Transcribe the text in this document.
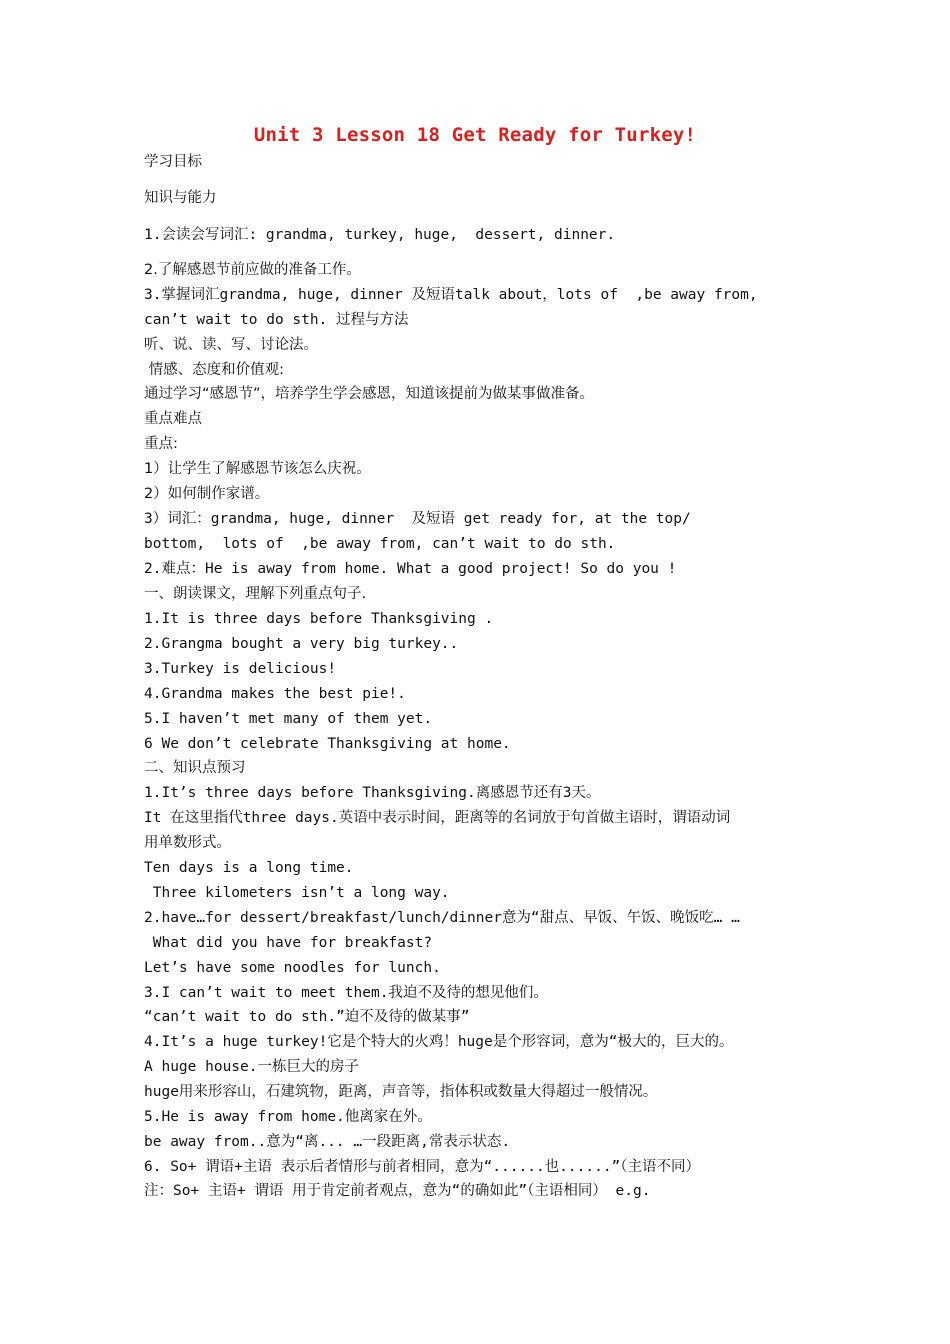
Unit 3 Lesson 18 Get Ready for Turkey!
学习目标
知识与能力
1.会读会写词汇: grandma, turkey, huge,  dessert, dinner.
2.了解感恩节前应做的准备工作。
3.掌握词汇grandma, huge, dinner 及短语talk about，lots of  ,be away from,
can’t wait to do sth. 过程与方法
听、说、读、写、讨论法。
情感、态度和价值观:
通过学习“感恩节”，培养学生学会感恩，知道该提前为做某事做准备。
重点难点
重点:
1）让学生了解感恩节该怎么庆祝。
2）如何制作家谱。
3）词汇：grandma, huge, dinner  及短语 get ready for, at the top/
bottom,  lots of  ,be away from, can’t wait to do sth.
2.难点：He is away from home. What a good project! So do you !
一、朗读课文，理解下列重点句子.
1.It is three days before Thanksgiving .
2.Grangma bought a very big turkey..
3.Turkey is delicious!
4.Grandma makes the best pie!.
5.I haven’t met many of them yet.
6 We don’t celebrate Thanksgiving at home.
二、知识点预习
1.It’s three days before Thanksgiving.离感恩节还有3天。
It 在这里指代three days.英语中表示时间，距离等的名词放于句首做主语时，谓语动词
用单数形式。
Ten days is a long time.
Three kilometers isn’t a long way.
2.have…for dessert/breakfast/lunch/dinner意为“甜点、早饭、午饭、晚饭吃… …
What did you have for breakfast?
Let’s have some noodles for lunch.
3.I can’t wait to meet them.我迫不及待的想见他们。
“can’t wait to do sth.”迫不及待的做某事”
4.It’s a huge turkey!它是个特大的火鸡！huge是个形容词，意为“极大的，巨大的。
A huge house.一栋巨大的房子
huge用来形容山，石建筑物，距离，声音等，指体积或数量大得超过一般情况。
5.He is away from home.他离家在外。
be away from..意为“离... …一段距离,常表示状态.
6. So+ 谓语+主语 表示后者情形与前者相同，意为“......也......”（主语不同）
注：So+ 主语+ 谓语 用于肯定前者观点，意为“的确如此”（主语相同） e.g.
